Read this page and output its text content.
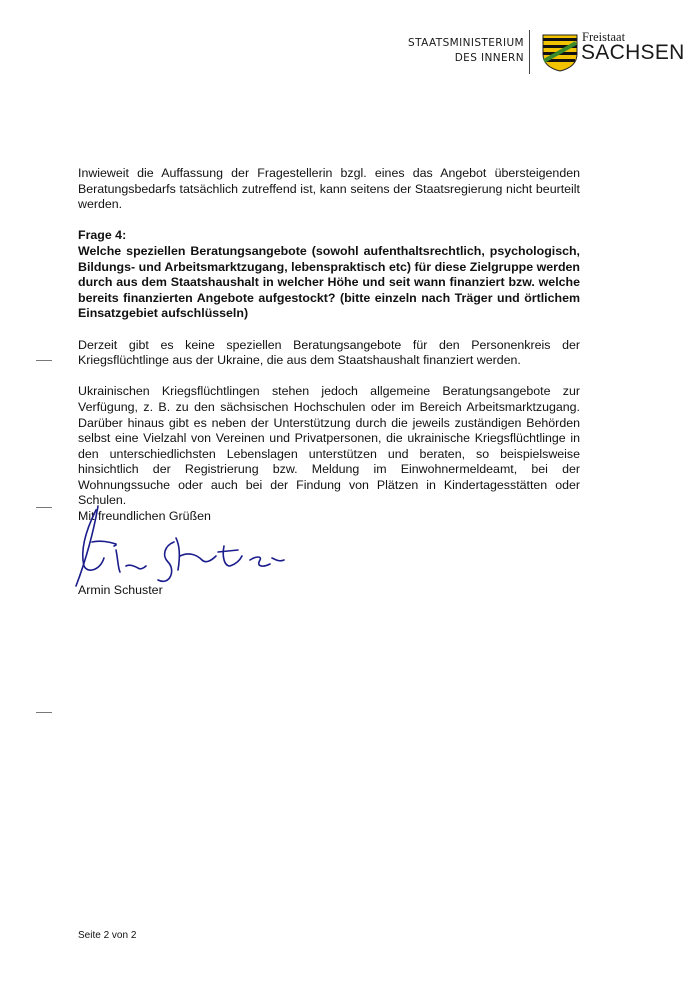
STAATSMINISTERIUM
DES INNERN
Freistaat
SACHSEN

Inwieweit die Auffassung der Fragestellerin bzgl. eines das Angebot übersteigenden Beratungsbedarfs tatsächlich zutreffend ist, kann seitens der Staatsregierung nicht beurteilt werden.

Frage 4:

Welche speziellen Beratungsangebote (sowohl aufenthaltsrechtlich, psychologisch, Bildungs- und Arbeitsmarktzugang, lebenspraktisch etc) für diese Zielgruppe werden durch aus dem Staatshaushalt in welcher Höhe und seit wann finanziert bzw. welche bereits finanzierten Angebote aufgestockt? (bitte einzeln nach Träger und örtlichem Einsatzgebiet aufschlüsseln)

Derzeit gibt es keine speziellen Beratungsangebote für den Personenkreis der Kriegsflüchtlinge aus der Ukraine, die aus dem Staatshaushalt finanziert werden.

Ukrainischen Kriegsflüchtlingen stehen jedoch allgemeine Beratungsangebote zur Verfügung, z. B. zu den sächsischen Hochschulen oder im Bereich Arbeitsmarktzugang. Darüber hinaus gibt es neben der Unterstützung durch die jeweils zuständigen Behörden selbst eine Vielzahl von Vereinen und Privatpersonen, die ukrainische Kriegsflüchtlinge in den unterschiedlichsten Lebenslagen unterstützen und beraten, so beispielsweise hinsichtlich der Registrierung bzw. Meldung im Einwohnermeldeamt, bei der Wohnungssuche oder auch bei der Findung von Plätzen in Kindertagesstätten oder Schulen.

Mit freundlichen Grüßen
Armin Schuster
Seite 2 von 2
